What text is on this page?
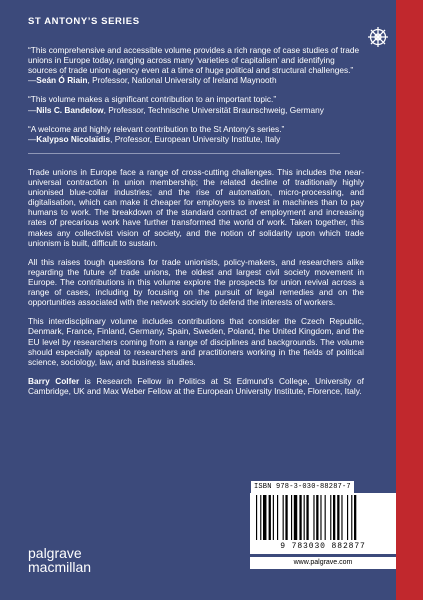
ST ANTONY’S SERIES
“This comprehensive and accessible volume provides a rich range of case studies of trade unions in Europe today, ranging across many ‘varieties of capitalism’ and identifying sources of trade union agency even at a time of huge political and structural challenges.”
—Seán Ó Riain, Professor, National University of Ireland Maynooth
“This volume makes a significant contribution to an important topic.”
—Nils C. Bandelow, Professor, Technische Universität Braunschweig, Germany
“A welcome and highly relevant contribution to the St Antony’s series.”
—Kalypso Nicolaïdis, Professor, European University Institute, Italy

Trade unions in Europe face a range of cross-cutting challenges. This includes the near-universal contraction in union membership; the related decline of traditionally highly unionised blue-collar industries; and the rise of automation, micro-processing, and digitalisation, which can make it cheaper for employers to invest in machines than to pay humans to work. The breakdown of the standard contract of employment and increasing rates of precarious work have further transformed the world of work. Taken together, this makes any collectivist vision of society, and the notion of solidarity upon which trade unionism is built, difficult to sustain.

All this raises tough questions for trade unionists, policy-makers, and researchers alike regarding the future of trade unions, the oldest and largest civil society movement in Europe. The contributions in this volume explore the prospects for union revival across a range of cases, including by focusing on the pursuit of legal remedies and on the opportunities associated with the network society to defend the interests of workers.

This interdisciplinary volume includes contributions that consider the Czech Republic, Denmark, France, Finland, Germany, Spain, Sweden, Poland, the United Kingdom, and the EU level by researchers coming from a range of disciplines and backgrounds. The volume should especially appeal to researchers and practitioners working in the fields of political science, sociology, law, and business studies.

Barry Colfer is Research Fellow in Politics at St Edmund’s College, University of Cambridge, UK and Max Weber Fellow at the European University Institute, Florence, Italy.

ISBN 978-3-030-88287-7
9 783030 882877
www.palgrave.com
palgrave
macmillan
